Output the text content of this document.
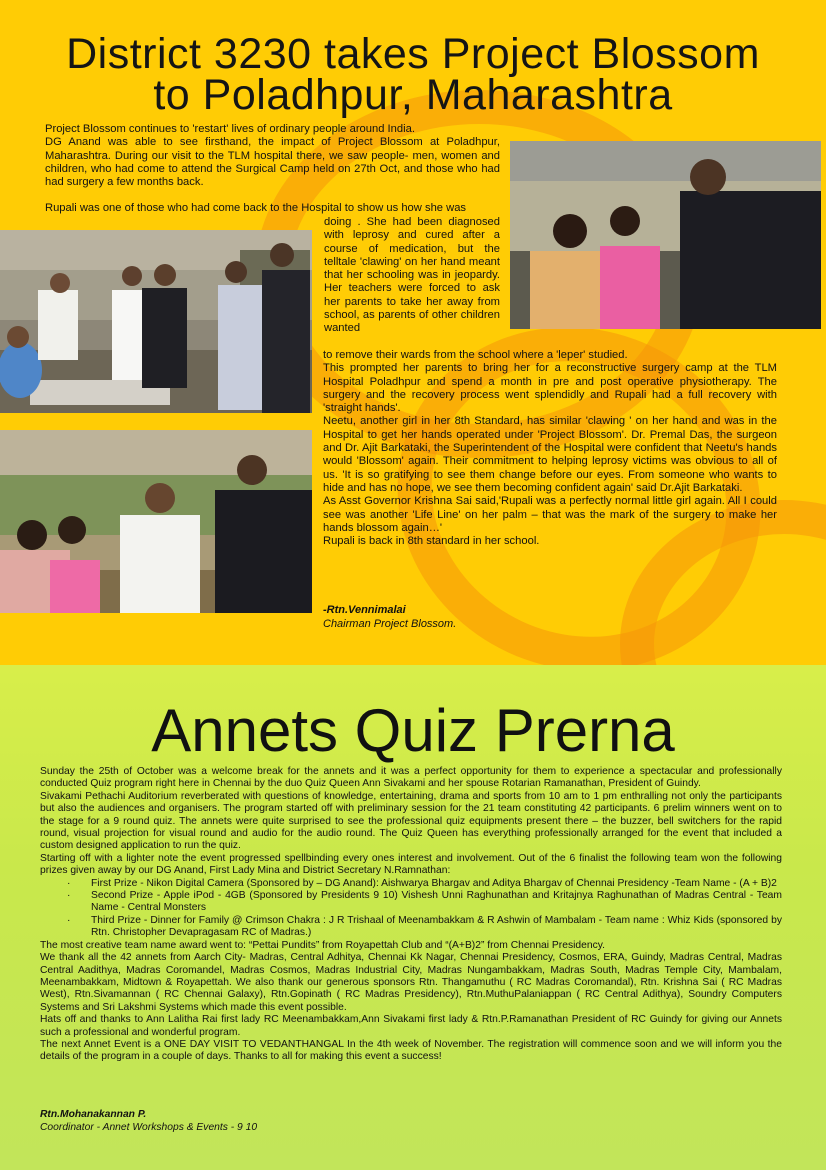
District 3230 takes Project Blossom
to Poladhpur, Maharashtra

Project Blossom continues to 'restart' lives of ordinary people around India.

DG Anand was able to see firsthand, the impact of Project Blossom at Poladhpur, Maharashtra. During our visit to the TLM hospital there, we saw people- men, women and children, who had come to attend the Surgical Camp held on 27th Oct, and those who had had surgery a few months back.

Rupali was one of those who had come back to the Hospital to show us how she was

doing . She had been diagnosed with leprosy and cured after a course of medication, but the telltale 'clawing' on her hand meant that her schooling was in jeopardy. Her teachers were forced to ask her parents to take her away from school, as parents of other children wanted

to remove their wards from the school where a 'leper' studied.

This prompted her parents to bring her for a reconstructive surgery camp at the TLM Hospital Poladhpur and spend a month in pre and post operative physiotherapy. The surgery and the recovery process went splendidly and Rupali had a full recovery with 'straight hands'.

Neetu, another girl in her 8th Standard, has similar 'clawing ' on her hand and was in the Hospital to get her hands operated under 'Project Blossom'. Dr. Premal Das, the surgeon and Dr. Ajit Barkataki, the Superintendent of the Hospital were confident that Neetu's hands would 'Blossom' again. Their commitment to helping leprosy victims was obvious to all of us. 'It is so gratifying to see them change before our eyes. From someone who wants to hide and has no hope, we see them becoming confident again' said Dr.Ajit Barkataki.

As Asst Governor Krishna Sai said,'Rupali was a perfectly normal little girl again. All I could see was another 'Life Line' on her palm – that was the mark of the surgery to make her hands blossom again…'

Rupali is back in 8th standard in her school.

-Rtn.Vennimalai
Chairman Project Blossom.
Annets Quiz Prerna

Sunday the 25th of October was a welcome break for the annets and it was a perfect opportunity for them to experience a spectacular and professionally conducted Quiz program right here in Chennai by the duo Quiz Queen Ann Sivakami and her spouse Rotarian Ramanathan, President of Guindy.

Sivakami Pethachi Auditorium reverberated with questions of knowledge, entertaining, drama and sports from 10 am to 1 pm enthralling not only the participants but also the audiences and organisers. The program started off with preliminary session for the 21 team constituting 42 participants. 6 prelim winners went on to the stage for a 9 round quiz. The annets were quite surprised to see the professional quiz equipments present there – the buzzer, bell switchers for the rapid round, visual projection for visual round and audio for the audio round. The Quiz Queen has everything professionally arranged for the event that included a custom designed application to run the quiz.

Starting off with a lighter note the event progressed spellbinding every ones interest and involvement. Out of the 6 finalist the following team won the following prizes given away by our DG Anand, First Lady Mina and District Secretary N.Ramnathan:

· First Prize - Nikon Digital Camera (Sponsored by – DG Anand): Aishwarya Bhargav and Aditya Bhargav of Chennai Presidency -Team Name - (A + B)2
· Second Prize - Apple iPod - 4GB (Sponsored by Presidents 9 10) Vishesh Unni Raghunathan and Kritajnya Raghunathan of Madras Central - Team Name - Central Monsters
· Third Prize - Dinner for Family @ Crimson Chakra : J R Trishaal of Meenambakkam & R Ashwin of Mambalam - Team name : Whiz Kids (sponsored by Rtn. Christopher Devapragasam RC of Madras.)

The most creative team name award went to: “Pettai Pundits” from Royapettah Club and “(A+B)2” from Chennai Presidency.

We thank all the 42 annets from Aarch City- Madras, Central Adhitya, Chennai Kk Nagar, Chennai Presidency, Cosmos, ERA, Guindy, Madras Central, Madras Central Aadithya, Madras Coromandel, Madras Cosmos, Madras Industrial City, Madras Nungambakkam, Madras South, Madras Temple City, Mambalam, Meenambakkam, Midtown & Royapettah. We also thank our generous sponsors Rtn. Thangamuthu ( RC Madras Coromandal), Rtn. Krishna Sai ( RC Madras West), Rtn.Sivamannan ( RC Chennai Galaxy), Rtn.Gopinath ( RC Madras Presidency), Rtn.MuthuPalaniappan ( RC Central Adithya), Soundry Computers Systems and Sri Lakshmi Systems which made this event possible.

Hats off and thanks to Ann Lalitha Rai first lady RC Meenambakkam,Ann Sivakami first lady & Rtn.P.Ramanathan President of RC Guindy for giving our Annets such a professional and wonderful program.

The next Annet Event is a ONE DAY VISIT TO VEDANTHANGAL In the 4th week of November. The registration will commence soon and we will inform you the details of the program in a couple of days. Thanks to all for making this event a success!

Rtn.Mohanakannan P.
Coordinator - Annet Workshops & Events - 9 10
